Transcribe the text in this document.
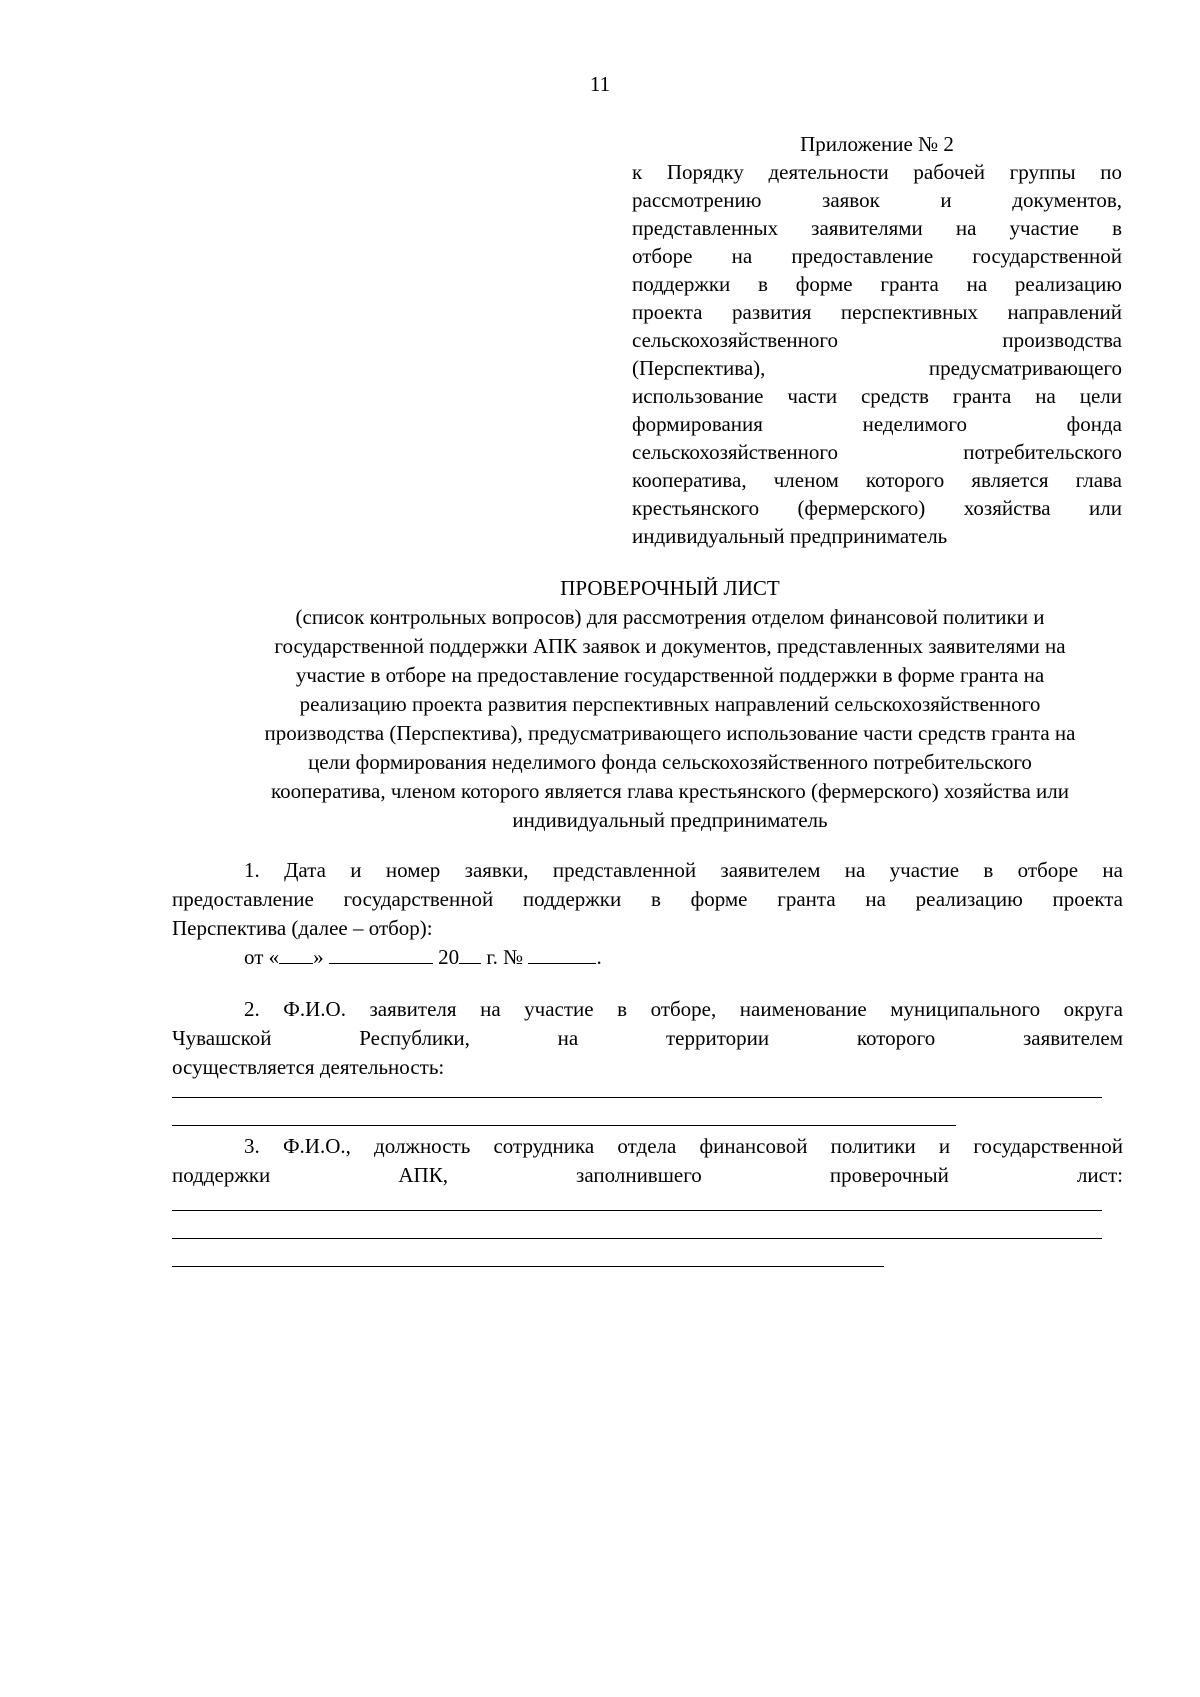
11
Приложение № 2
к Порядку деятельности рабочей группы по
рассмотрению заявок и документов,
представленных заявителями на участие в
отборе на предоставление государственной
поддержки в форме гранта на реализацию
проекта развития перспективных направлений
сельскохозяйственного производства
(Перспектива), предусматривающего
использование части средств гранта на цели
формирования неделимого фонда
сельскохозяйственного потребительского
кооператива, членом которого является глава
крестьянского (фермерского) хозяйства или
индивидуальный предприниматель
ПРОВЕРОЧНЫЙ ЛИСТ
(список контрольных вопросов) для рассмотрения отделом финансовой политики и
государственной поддержки АПК заявок и документов, представленных заявителями на
участие в отборе на предоставление государственной поддержки в форме гранта на
реализацию проекта развития перспективных направлений сельскохозяйственного
производства (Перспектива), предусматривающего использование части средств гранта на
цели формирования неделимого фонда сельскохозяйственного потребительского
кооператива, членом которого является глава крестьянского (фермерского) хозяйства или
индивидуальный предприниматель
1. Дата и номер заявки, представленной заявителем на участие в отборе на
предоставление государственной поддержки в форме гранта на реализацию проекта
Перспектива (далее – отбор):
от « »	20 г. №	.
2. Ф.И.О. заявителя на участие в отборе, наименование муниципального округа
Чувашской Республики, на территории которого заявителем
осуществляется деятельность:
3. Ф.И.О., должность сотрудника отдела финансовой политики и государственной
поддержки АПК, заполнившего проверочный лист:
